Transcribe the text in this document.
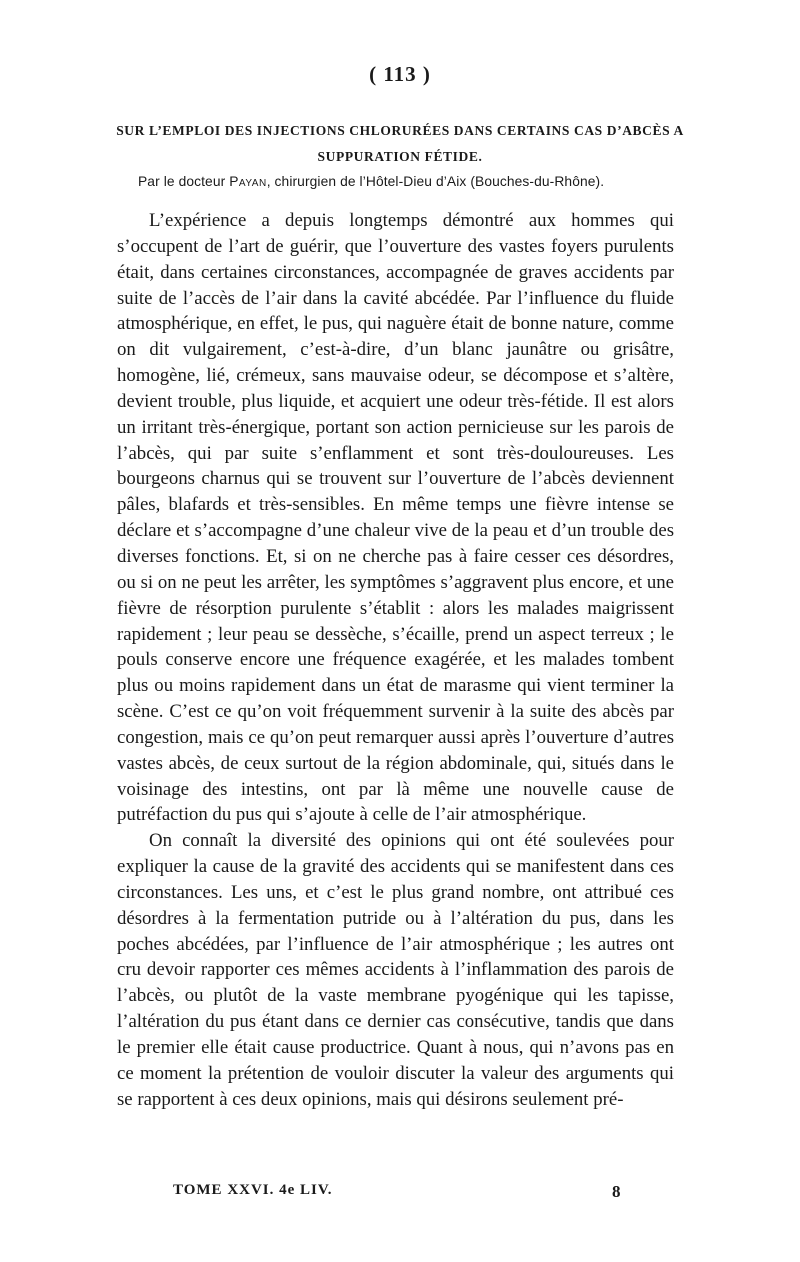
( 113 )
SUR L’EMPLOI DES INJECTIONS CHLORURÉES DANS CERTAINS CAS D’ABCÈS A
SUPPURATION FÉTIDE.
Par le docteur Payan, chirurgien de l’Hôtel-Dieu d’Aix (Bouches-du-Rhône).

L’expérience a depuis longtemps démontré aux hommes qui s’occupent de l’art de guérir, que l’ouverture des vastes foyers purulents était, dans certaines circonstances, accompagnée de graves accidents par suite de l’accès de l’air dans la cavité abcédée. Par l’influence du fluide atmosphérique, en effet, le pus, qui naguère était de bonne nature, comme on dit vulgairement, c’est-à-dire, d’un blanc jaunâtre ou grisâtre, homogène, lié, crémeux, sans mauvaise odeur, se décompose et s’altère, devient trouble, plus liquide, et acquiert une odeur très-fétide. Il est alors un irritant très-énergique, portant son action pernicieuse sur les parois de l’abcès, qui par suite s’enflamment et sont très-douloureuses. Les bourgeons charnus qui se trouvent sur l’ouverture de l’abcès deviennent pâles, blafards et très-sensibles. En même temps une fièvre intense se déclare et s’accompagne d’une chaleur vive de la peau et d’un trouble des diverses fonctions. Et, si on ne cherche pas à faire cesser ces désordres, ou si on ne peut les arrêter, les symptômes s’aggravent plus encore, et une fièvre de résorption purulente s’établit : alors les malades maigrissent rapidement ; leur peau se dessèche, s’écaille, prend un aspect terreux ; le pouls conserve encore une fréquence exagérée, et les malades tombent plus ou moins rapidement dans un état de marasme qui vient terminer la scène. C’est ce qu’on voit fréquemment survenir à la suite des abcès par congestion, mais ce qu’on peut remarquer aussi après l’ouverture d’autres vastes abcès, de ceux surtout de la région abdominale, qui, situés dans le voisinage des intestins, ont par là même une nouvelle cause de putréfaction du pus qui s’ajoute à celle de l’air atmosphérique.

On connaît la diversité des opinions qui ont été soulevées pour expliquer la cause de la gravité des accidents qui se manifestent dans ces circonstances. Les uns, et c’est le plus grand nombre, ont attribué ces désordres à la fermentation putride ou à l’altération du pus, dans les poches abcédées, par l’influence de l’air atmosphérique ; les autres ont cru devoir rapporter ces mêmes accidents à l’inflammation des parois de l’abcès, ou plutôt de la vaste membrane pyogénique qui les tapisse, l’altération du pus étant dans ce dernier cas consécutive, tandis que dans le premier elle était cause productrice. Quant à nous, qui n’avons pas en ce moment la prétention de vouloir discuter la valeur des arguments qui se rapportent à ces deux opinions, mais qui désirons seulement pré-

TOME XXVI. 4e LIV.	8
